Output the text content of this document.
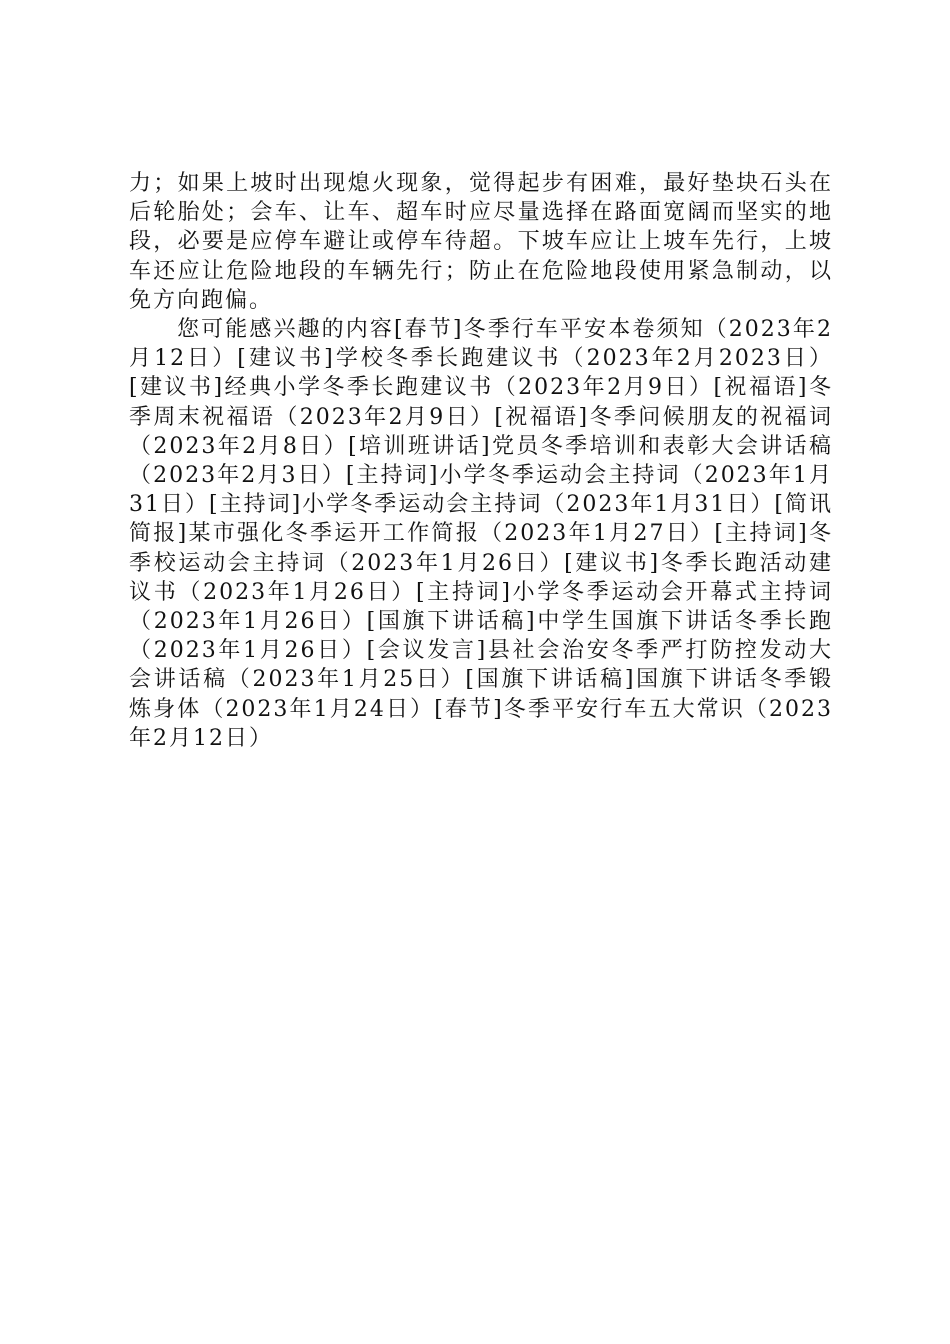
力；如果上坡时出现熄火现象，觉得起步有困难，最好垫块石头在后轮胎处；会车、让车、超车时应尽量选择在路面宽阔而坚实的地段，必要是应停车避让或停车待超。下坡车应让上坡车先行，上坡车还应让危险地段的车辆先行；防止在危险地段使用紧急制动，以免方向跑偏。

您可能感兴趣的内容[春节]冬季行车平安本卷须知（2023年2月12日）[建议书]学校冬季长跑建议书（2023年2月2023日）[建议书]经典小学冬季长跑建议书（2023年2月9日）[祝福语]冬季周末祝福语（2023年2月9日）[祝福语]冬季问候朋友的祝福词（2023年2月8日）[培训班讲话]党员冬季培训和表彰大会讲话稿（2023年2月3日）[主持词]小学冬季运动会主持词（2023年1月31日）[主持词]小学冬季运动会主持词（2023年1月31日）[简讯简报]某市强化冬季运开工作简报（2023年1月27日）[主持词]冬季校运动会主持词（2023年1月26日）[建议书]冬季长跑活动建议书（2023年1月26日）[主持词]小学冬季运动会开幕式主持词（2023年1月26日）[国旗下讲话稿]中学生国旗下讲话冬季长跑（2023年1月26日）[会议发言]县社会治安冬季严打防控发动大会讲话稿（2023年1月25日）[国旗下讲话稿]国旗下讲话冬季锻炼身体（2023年1月24日）[春节]冬季平安行车五大常识（2023年2月12日）
